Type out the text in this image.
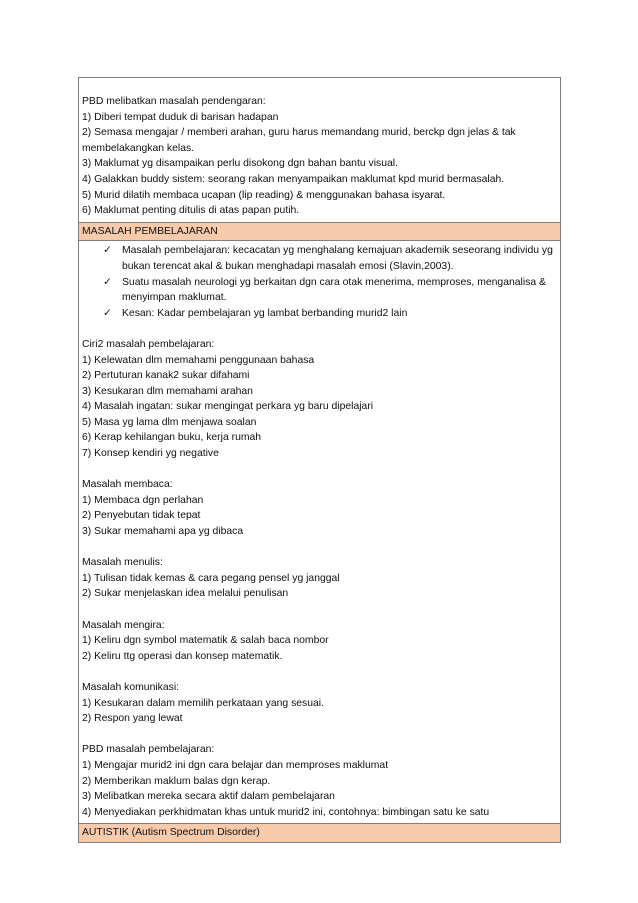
PBD melibatkan masalah pendengaran:
1) Diberi tempat duduk di barisan hadapan
2) Semasa mengajar / memberi arahan, guru harus memandang murid, berckp dgn jelas & tak membelakangkan kelas.
3) Maklumat yg disampaikan perlu disokong dgn bahan bantu visual.
4) Galakkan buddy sistem: seorang rakan menyampaikan maklumat kpd murid bermasalah.
5) Murid dilatih membaca ucapan (lip reading) & menggunakan bahasa isyarat.
6) Maklumat penting ditulis di atas papan putih.

MASALAH PEMBELAJARAN

✓ Masalah pembelajaran: kecacatan yg menghalang kemajuan akademik seseorang individu yg bukan terencat akal & bukan menghadapi masalah emosi (Slavin,2003).
✓ Suatu masalah neurologi yg berkaitan dgn cara otak menerima, memproses, menganalisa & menyimpan maklumat.
✓ Kesan: Kadar pembelajaran yg lambat berbanding murid2 lain
Ciri2 masalah pembelajaran:
1) Kelewatan dlm memahami penggunaan bahasa
2) Pertuturan kanak2 sukar difahami
3) Kesukaran dlm memahami arahan
4) Masalah ingatan: sukar mengingat perkara yg baru dipelajari
5) Masa yg lama dlm menjawa soalan
6) Kerap kehilangan buku, kerja rumah
7) Konsep kendiri yg negative
Masalah membaca:
1) Membaca dgn perlahan
2) Penyebutan tidak tepat
3) Sukar memahami apa yg dibaca
Masalah menulis:
1) Tulisan tidak kemas & cara pegang pensel yg janggal
2) Sukar menjelaskan idea melalui penulisan
Masalah mengira:
1) Keliru dgn symbol matematik & salah baca nombor
2) Keliru ttg operasi dan konsep matematik.
Masalah komunikasi:
1) Kesukaran dalam memilih perkataan yang sesuai.
2) Respon yang lewat
PBD masalah pembelajaran:
1) Mengajar murid2 ini dgn cara belajar dan memproses maklumat
2) Memberikan maklum balas dgn kerap.
3) Melibatkan mereka secara aktif dalam pembelajaran
4) Menyediakan perkhidmatan khas untuk murid2 ini, contohnya: bimbingan satu ke satu

AUTISTIK (Autism Spectrum Disorder)
